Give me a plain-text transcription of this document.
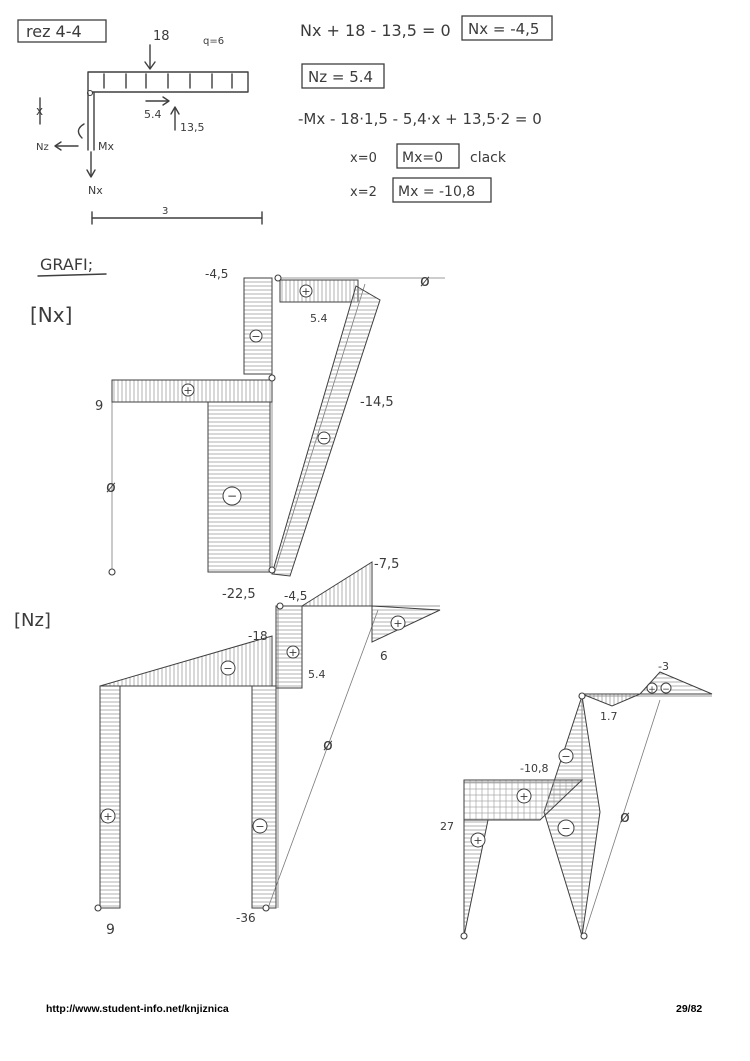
rez 4-4	18	q=6
x	5.4
13,5
Mx
Nz
Nx
3
Nx + 18 - 13,5 = 0 Nx = -4,5
Nz = 5.4
-Mx - 18·1,5 - 5,4·x + 13,5·2 = 0
x=0 Mx=0 clack
x=2 Mx = -10,8
GRAFI;
[Nx]
+
−
+
−
−
-4,5
5.4
9	-14,5
-22,5
ø
ø
[Nz]
−
+
+
+
−
-7,5
-4,5
-18
5.4
6
9
-36
ø
+ −
−
+
−
+
-3
1.7
-10,8
27
ø
http://www.student-info.net/knjiznica	29/82
